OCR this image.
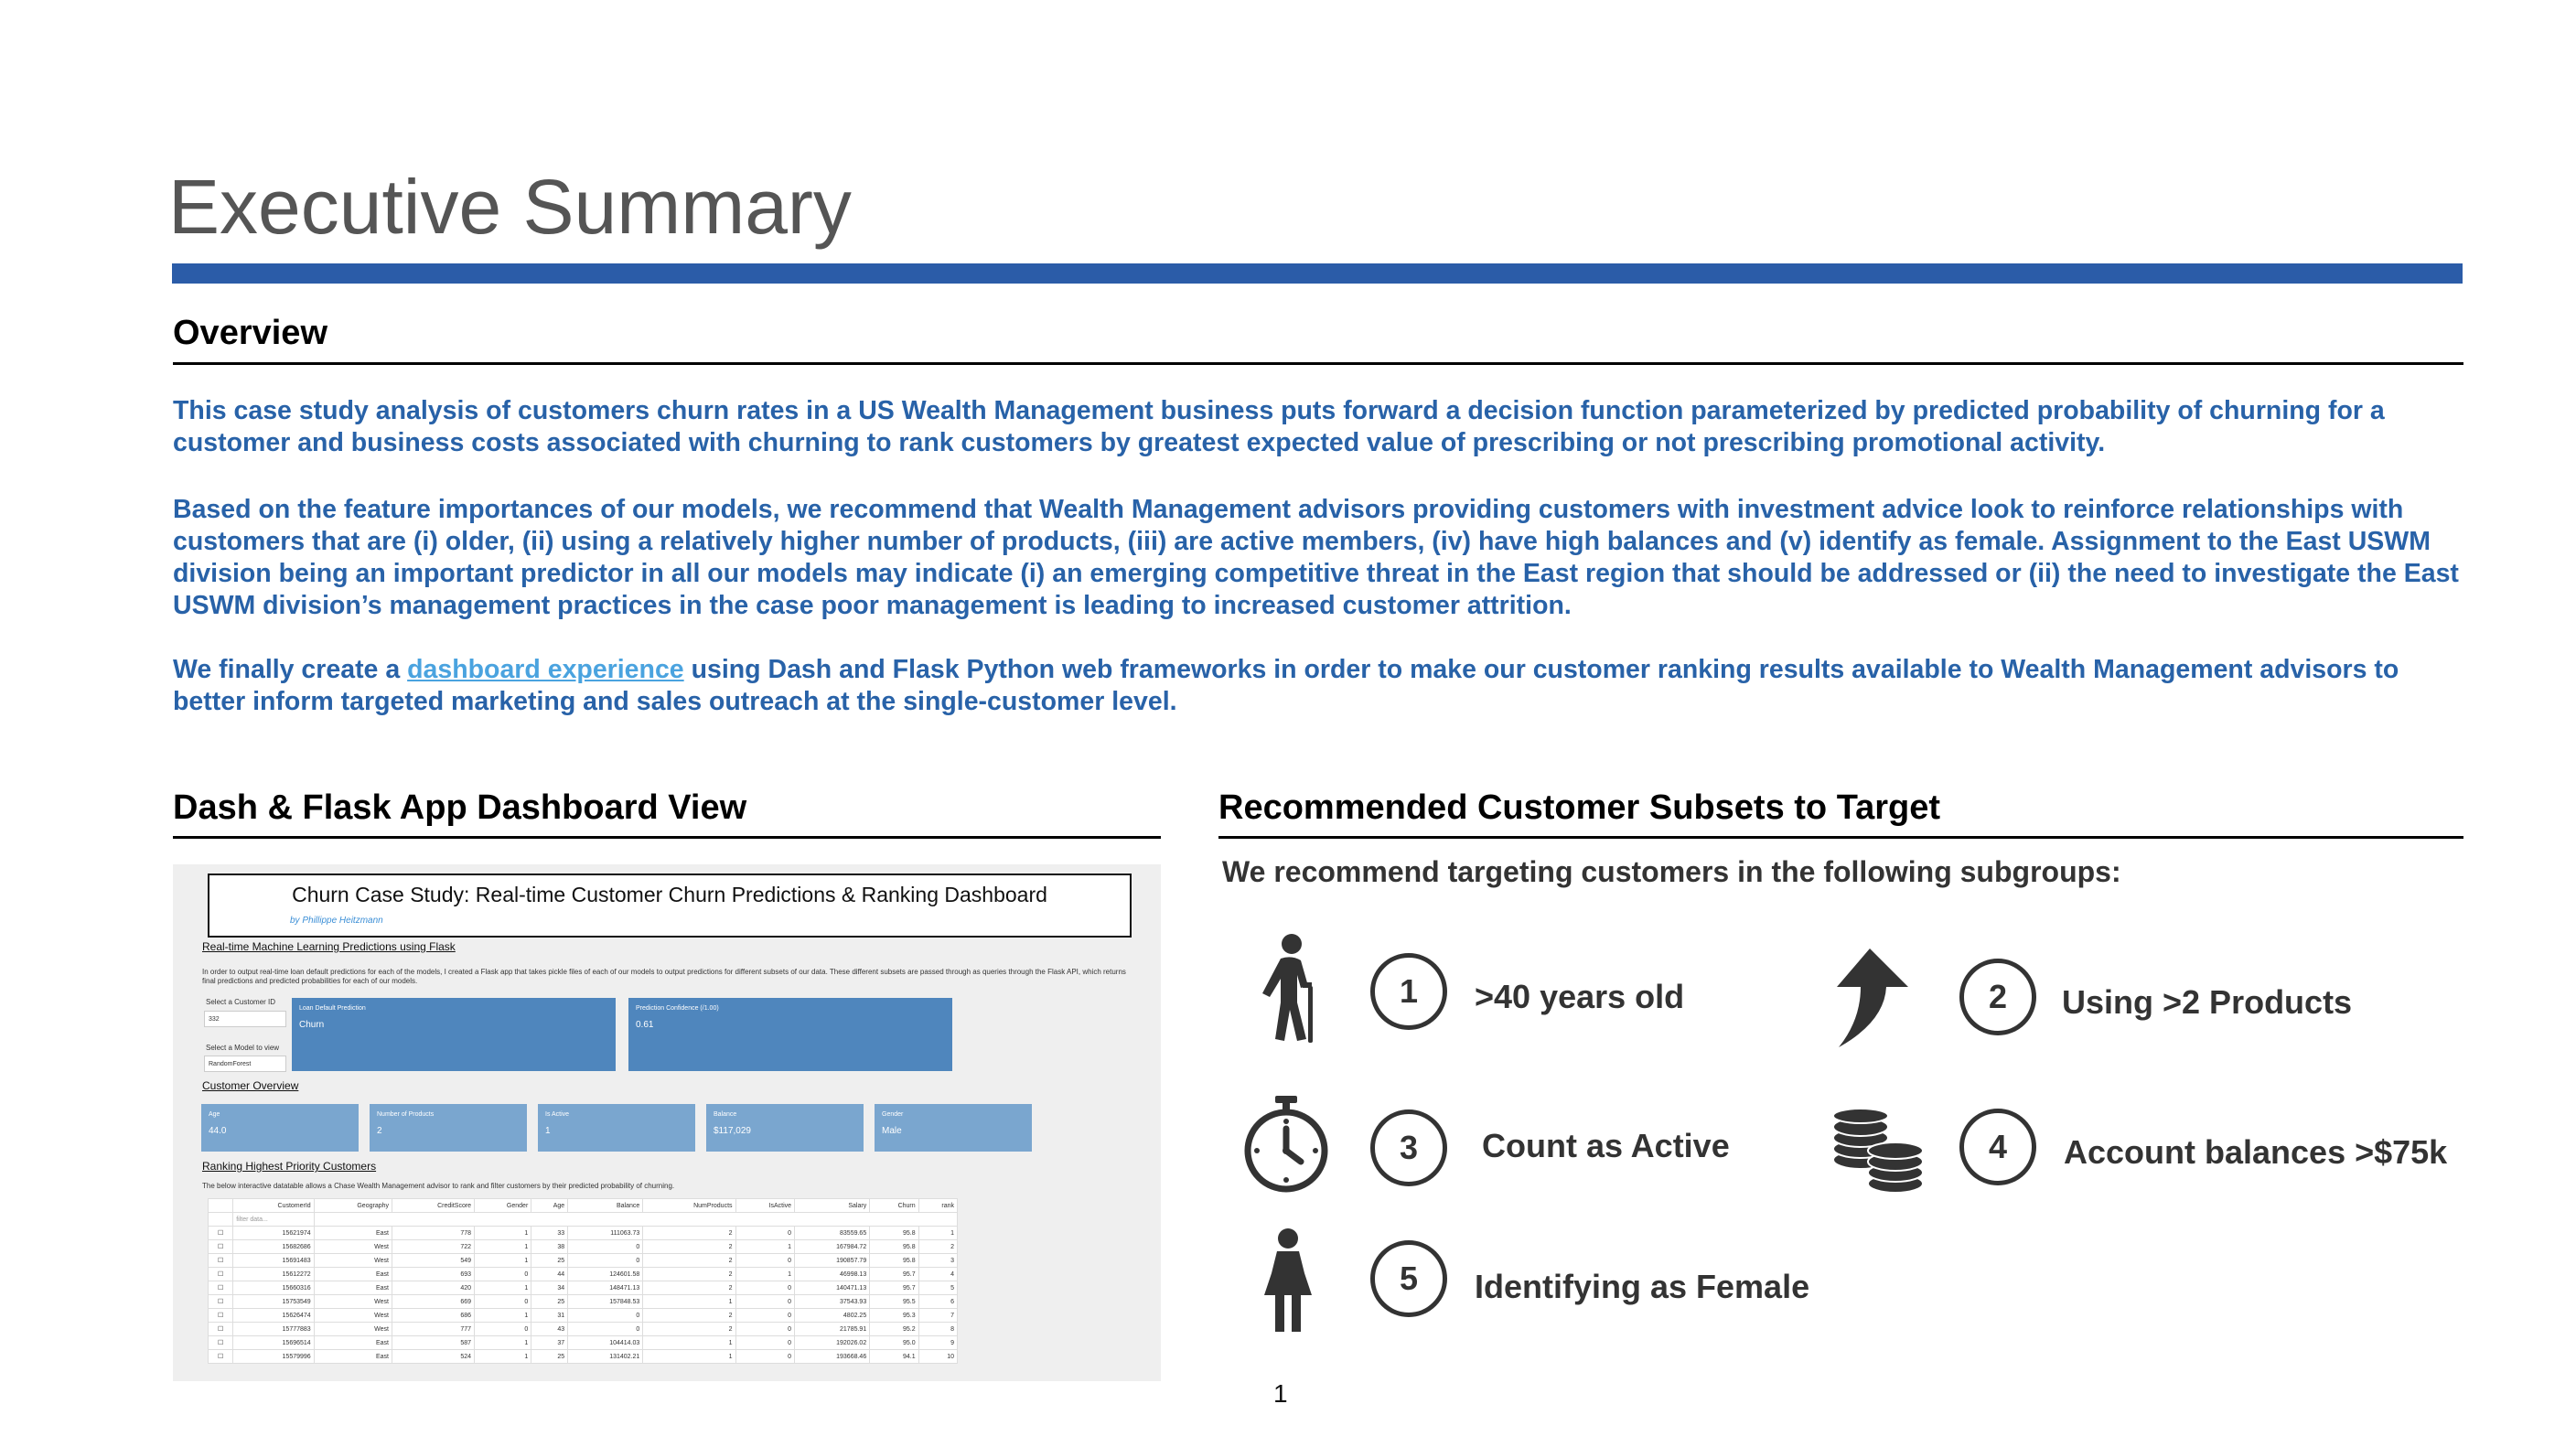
Executive Summary
Overview
This case study analysis of customers churn rates in a US Wealth Management business puts forward a decision function parameterized by predicted probability of churning for a customer and business costs associated with churning to rank customers by greatest expected value of prescribing or not prescribing promotional activity.
Based on the feature importances of our models, we recommend that Wealth Management advisors providing customers with investment advice look to reinforce relationships with customers that are (i) older, (ii) using a relatively higher number of products, (iii) are active members, (iv) have high balances and (v) identify as female. Assignment to the East USWM division being an important predictor in all our models may indicate (i) an emerging competitive threat in the East region that should be addressed or (ii) the need to investigate the East USWM division’s management practices in the case poor management is leading to increased customer attrition.
We finally create a dashboard experience using Dash and Flask Python web frameworks in order to make our customer ranking results available to Wealth Management advisors to better inform targeted marketing and sales outreach at the single-customer level.
Dash & Flask App Dashboard View
Churn Case Study: Real-time Customer Churn Predictions & Ranking Dashboard
by Phillippe Heitzmann
Real-time Machine Learning Predictions using Flask
In order to output real-time loan default predictions for each of the models, I created a Flask app that takes pickle files of each of our models to output predictions for different subsets of our data. These different subsets are passed through as queries through the Flask API, which returns final predictions and predicted probabilities for each of our models.
Select a Customer ID
332
Select a Model to view
RandomForest
Loan Default Prediction
Churn
Prediction Confidence (/1.00)
0.61
Customer Overview
Age
44.0
Number of Products
2
Is Active
1
Balance
$117,029
Gender
Male
Ranking Highest Priority Customers
The below interactive datatable allows a Chase Wealth Management advisor to rank and filter customers by their predicted probability of churning.
	CustomerId	Geography	CreditScore	Gender	Age	Balance	NumProducts	IsActive	Salary	Churn	rank
	filter data...										
☐	15621974	East	778	1	33	111063.73	2	0	83559.65	95.8	1
☐	15682686	West	722	1	38	0	2	1	167984.72	95.8	2
☐	15691483	West	549	1	25	0	2	0	190857.79	95.8	3
☐	15612272	East	693	0	44	124601.58	2	1	46998.13	95.7	4
☐	15660316	East	420	1	34	148471.13	2	0	140471.13	95.7	5
☐	15753549	West	669	0	25	157848.53	1	0	37543.93	95.5	6
☐	15626474	West	686	1	31	0	2	0	4802.25	95.3	7
☐	15777883	West	777	0	43	0	2	0	21785.91	95.2	8
☐	15696514	East	587	1	37	104414.03	1	0	192026.02	95.0	9
☐	15579996	East	524	1	25	131402.21	1	0	193668.46	94.1	10
Recommended Customer Subsets to Target
We recommend targeting customers in the following subgroups:
1	>40 years old	2	Using >2 Products
3	Count as Active	4	Account balances >$75k
5	Identifying as Female
1
